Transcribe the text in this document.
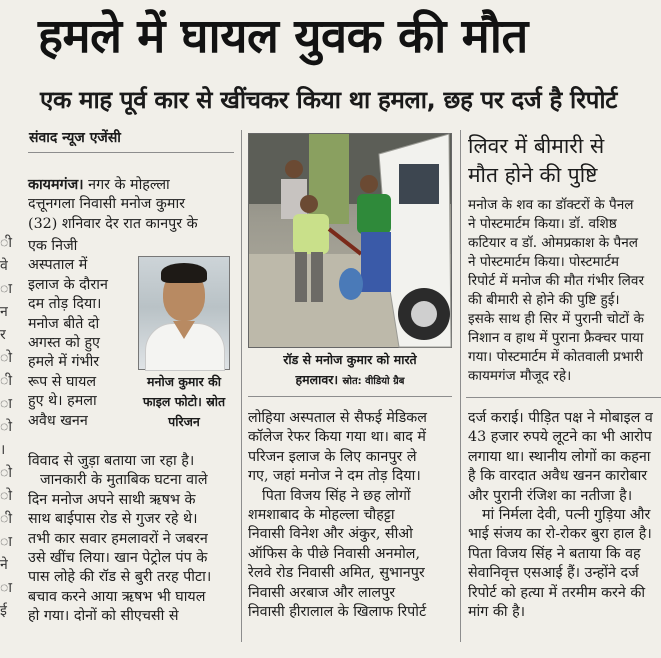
हमले में घायल युवक की मौत
एक माह पूर्व कार से खींचकर किया था हमला, छह पर दर्ज है रिपोर्ट
संवाद न्यूज एजेंसी
ी
वे
ा
न
र
ो
ी
ा
ो
।
ो
ो
ी
ा
ने
ा
ई
कायमगंज। नगर के मोहल्ला
दत्तूनगला निवासी मनोज कुमार
(32) शनिवार देर रात कानपुर के
एक निजी
अस्पताल में
इलाज के दौरान
दम तोड़ दिया।
मनोज बीते दो
अगस्त को हुए
हमले में गंभीर
रूप से घायल
हुए थे। हमला
अवैध खनन
मनोज कुमार की
फाइल फोटो। स्रोत
परिजन
विवाद से जुड़ा बताया जा रहा है।
जानकारी के मुताबिक घटना वाले
दिन मनोज अपने साथी ऋषभ के
साथ बाईपास रोड से गुजर रहे थे।
तभी कार सवार हमलावरों ने जबरन
उसे खींच लिया। खान पेट्रोल पंप के
पास लोहे की रॉड से बुरी तरह पीटा।
बचाव करने आया ऋषभ भी घायल
हो गया। दोनों को सीएचसी से
रॉड से मनोज कुमार को मारते
हमलावर। स्रोत: वीडियो ग्रैब
लोहिया अस्पताल से सैफई मेडिकल
कॉलेज रेफर किया गया था। बाद में
परिजन इलाज के लिए कानपुर ले
गए, जहां मनोज ने दम तोड़ दिया।
पिता विजय सिंह ने छह लोगों
शमशाबाद के मोहल्ला चौहट्टा
निवासी विनेश और अंकुर, सीओ
ऑफिस के पीछे निवासी अनमोल,
रेलवे रोड निवासी अमित, सुभानपुर
निवासी अरबाज और लालपुर
निवासी हीरालाल के खिलाफ रिपोर्ट
लिवर में बीमारी से
मौत होने की पुष्टि
मनोज के शव का डॉक्टरों के पैनल
ने पोस्टमार्टम किया। डॉ. वशिष्ठ
कटियार व डॉ. ओमप्रकाश के पैनल
ने पोस्टमार्टम किया। पोस्टमार्टम
रिपोर्ट में मनोज की मौत गंभीर लिवर
की बीमारी से होने की पुष्टि हुई।
इसके साथ ही सिर में पुरानी चोटों के
निशान व हाथ में पुराना फ्रैक्चर पाया
गया। पोस्टमार्टम में कोतवाली प्रभारी
कायमगंज मौजूद रहे।
दर्ज कराई। पीड़ित पक्ष ने मोबाइल व
43 हजार रुपये लूटने का भी आरोप
लगाया था। स्थानीय लोगों का कहना
है कि वारदात अवैध खनन कारोबार
और पुरानी रंजिश का नतीजा है।
मां निर्मला देवी, पत्नी गुड़िया और
भाई संजय का रो-रोकर बुरा हाल है।
पिता विजय सिंह ने बताया कि वह
सेवानिवृत्त एसआई हैं। उन्होंने दर्ज
रिपोर्ट को हत्या में तरमीम करने की
मांग की है।
